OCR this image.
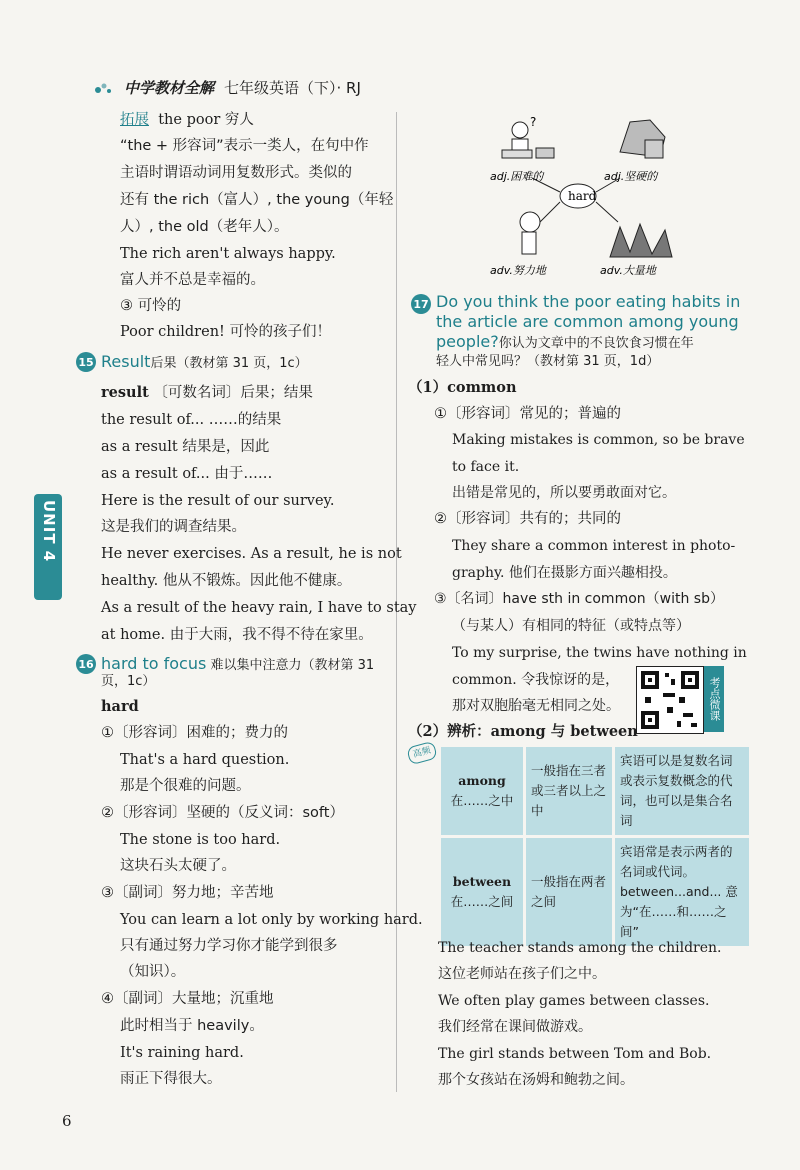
中学教材全解 七年级英语（下）· RJ
UNIT 4
拓展 the poor 穷人
“the + 形容词”表示一类人，在句中作
主语时谓语动词用复数形式。类似的
还有 the rich（富人）, the young（年轻
人）, the old（老年人）。
The rich aren't always happy.
富人并不总是幸福的。
③ 可怜的
Poor children! 可怜的孩子们！
15 Result后果（教材第 31 页，1c）
result 〔可数名词〕后果；结果
the result of... ……的结果
as a result 结果是，因此
as a result of... 由于……
Here is the result of our survey.
这是我们的调查结果。
He never exercises. As a result, he is not
healthy. 他从不锻炼。因此他不健康。
As a result of the heavy rain, I have to stay
at home. 由于大雨，我不得不待在家里。
16 hard to focus 难以集中注意力（教材第 31
页，1c）
hard
①〔形容词〕困难的；费力的
That's a hard question.
那是个很难的问题。
②〔形容词〕坚硬的（反义词：soft）
The stone is too hard.
这块石头太硬了。
③〔副词〕努力地；辛苦地
You can learn a lot only by working hard.
只有通过努力学习你才能学到很多
（知识）。
④〔副词〕大量地；沉重地
此时相当于 heavily。
It's raining hard.
雨正下得很大。
6
?
hard
adj.困难的	adj.坚硬的
adv.努力地	adv.大量地
17 Do you think the poor eating habits in
the article are common among young
people?你认为文章中的不良饮食习惯在年
轻人中常见吗？（教材第 31 页，1d）
（1）common
①〔形容词〕常见的；普遍的
Making mistakes is common, so be brave
to face it.
出错是常见的，所以要勇敢面对它。
②〔形容词〕共有的；共同的
They share a common interest in photo-
graphy. 他们在摄影方面兴趣相投。
③〔名词〕have sth in common（with sb）
（与某人）有相同的特征（或特点等）
To my surprise, the twins have nothing in
common. 令我惊讶的是，
那对双胞胎毫无相同之处。	考点微课
（2）辨析：among 与 between
高频
among
在……之中	一般指在三者或三者以上之中	宾语可以是复数名词或表示复数概念的代词，也可以是集合名词
between
在……之间	一般指在两者之间	宾语常是表示两者的名词或代词。between...and... 意为“在……和……之间”
The teacher stands among the children.
这位老师站在孩子们之中。
We often play games between classes.
我们经常在课间做游戏。
The girl stands between Tom and Bob.
那个女孩站在汤姆和鲍勃之间。
